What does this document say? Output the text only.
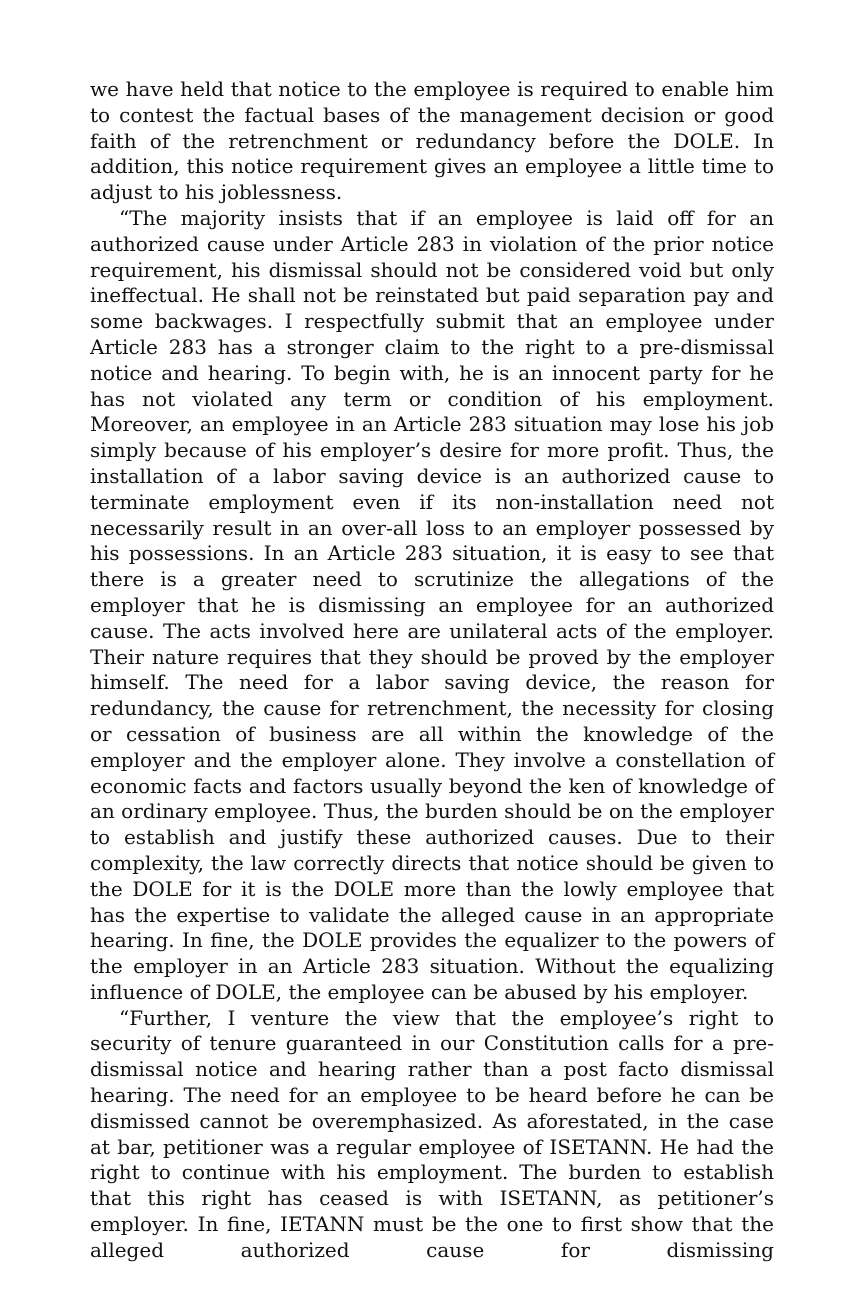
we have held that notice to the employee is required to enable him to contest the factual bases of the management decision or good faith of the retrenchment or redundancy before the DOLE. In addition, this notice requirement gives an employee a little time to adjust to his joblessness.

“The majority insists that if an employee is laid off for an authorized cause under Article 283 in violation of the prior notice requirement, his dismissal should not be considered void but only ineffectual. He shall not be reinstated but paid separation pay and some backwages. I respectfully submit that an employee under Article 283 has a stronger claim to the right to a pre-dismissal notice and hearing. To begin with, he is an innocent party for he has not violated any term or condition of his employment. Moreover, an employee in an Article 283 situation may lose his job simply because of his employer’s desire for more profit. Thus, the installation of a labor saving device is an authorized cause to terminate employment even if its non-installation need not necessarily result in an over-all loss to an employer possessed by his possessions. In an Article 283 situation, it is easy to see that there is a greater need to scrutinize the allegations of the employer that he is dismissing an employee for an authorized cause. The acts involved here are unilateral acts of the employer. Their nature requires that they should be proved by the employer himself. The need for a labor saving device, the reason for redundancy, the cause for retrenchment, the necessity for closing or cessation of business are all within the knowledge of the employer and the employer alone. They involve a constellation of economic facts and factors usually beyond the ken of knowledge of an ordinary employee. Thus, the burden should be on the employer to establish and justify these authorized causes. Due to their complexity, the law correctly directs that notice should be given to the DOLE for it is the DOLE more than the lowly employee that has the expertise to validate the alleged cause in an appropriate hearing. In fine, the DOLE provides the equalizer to the powers of the employer in an Article 283 situation. Without the equalizing influence of DOLE, the employee can be abused by his employer.

“Further, I venture the view that the employee’s right to security of tenure guaranteed in our Constitution calls for a pre-dismissal notice and hearing rather than a post facto dismissal hearing. The need for an employee to be heard before he can be dismissed cannot be overemphasized. As aforestated, in the case at bar, petitioner was a regular employee of ISETANN. He had the right to continue with his employment. The burden to establish that this right has ceased is with ISETANN, as petitioner’s employer. In fine, IETANN must be the one to first show that the alleged authorized cause for dismissing
